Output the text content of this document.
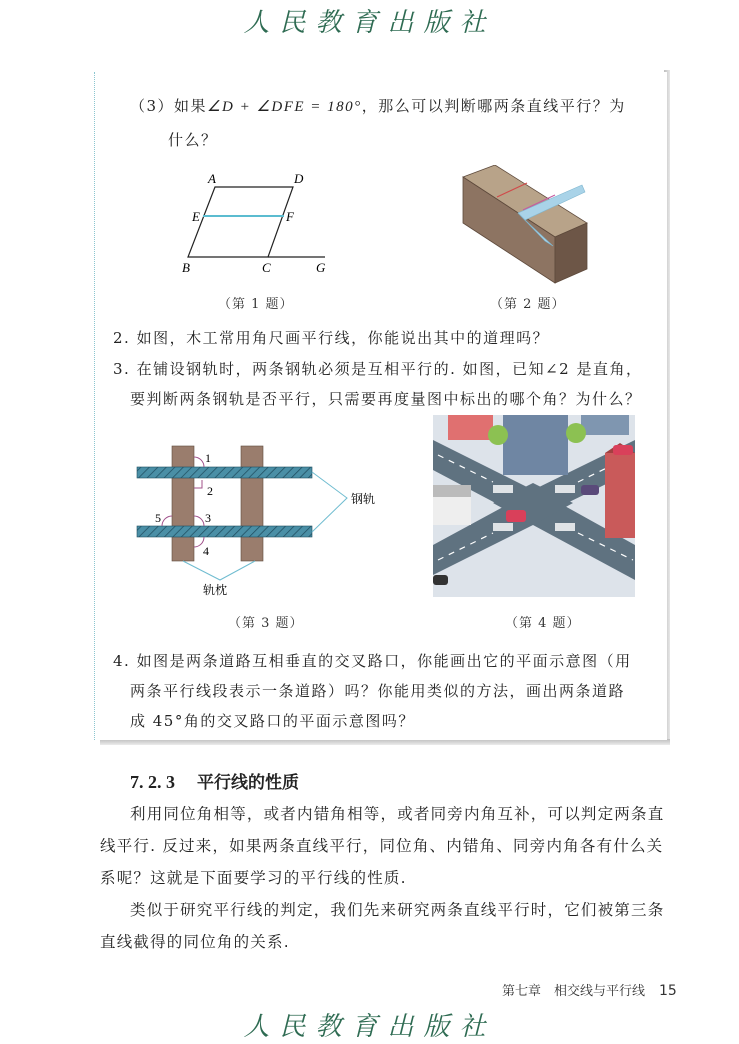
人民教育出版社
（3）如果∠D + ∠DFE = 180°，那么可以判断哪两条直线平行？为
什么？
A	D
E	F
B	C	G
（第 1 题）	（第 2 题）
2. 如图，木工常用角尺画平行线，你能说出其中的道理吗？
3. 在铺设钢轨时，两条钢轨必须是互相平行的. 如图，已知∠2 是直角，
要判断两条钢轨是否平行，只需要再度量图中标出的哪个角？为什么？
1
2
3
4
5
钢轨
轨枕
（第 3 题）	（第 4 题）
4. 如图是两条道路互相垂直的交叉路口，你能画出它的平面示意图（用
两条平行线段表示一条道路）吗？你能用类似的方法，画出两条道路
成 45°角的交叉路口的平面示意图吗？
7. 2. 3 平行线的性质
利用同位角相等，或者内错角相等，或者同旁内角互补，可以判定两条直
线平行. 反过来，如果两条直线平行，同位角、内错角、同旁内角各有什么关
系呢？这就是下面要学习的平行线的性质.
类似于研究平行线的判定，我们先来研究两条直线平行时，它们被第三条
直线截得的同位角的关系.
第七章　相交线与平行线 15
人民教育出版社
